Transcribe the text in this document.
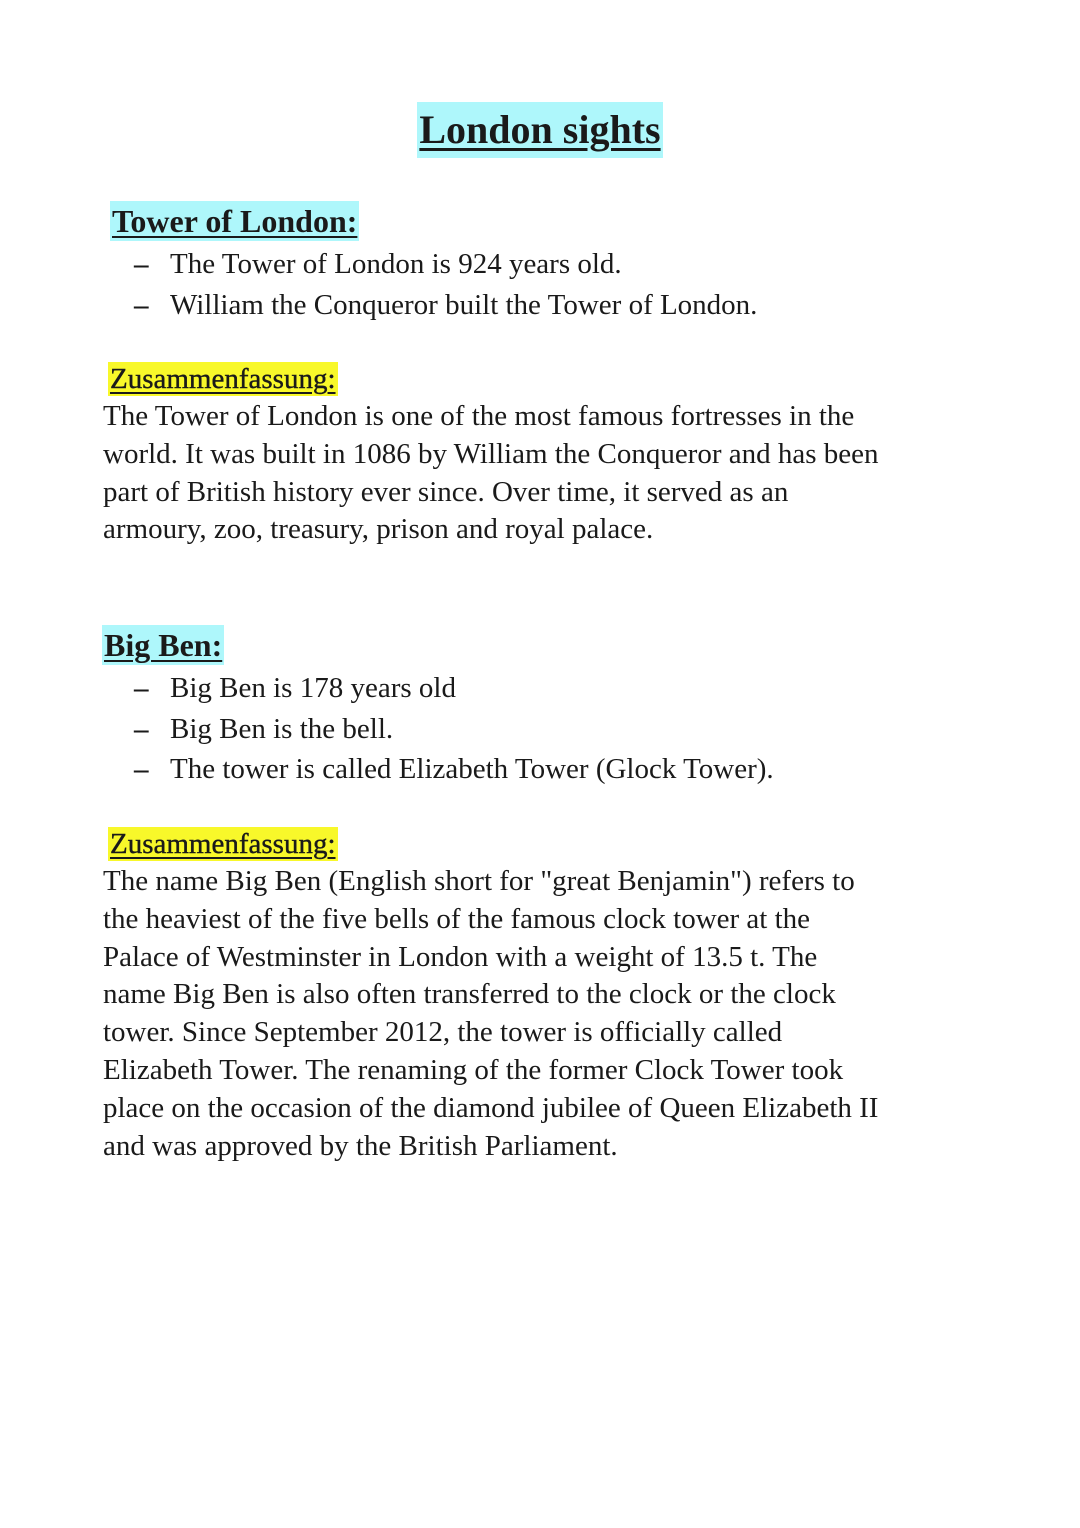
London sights
Tower of London:
– The Tower of London is 924 years old.
– William the Conqueror built the Tower of London.
Zusammenfassung:
The Tower of London is one of the most famous fortresses in the
world. It was built in 1086 by William the Conqueror and has been
part of British history ever since. Over time, it served as an
armoury, zoo, treasury, prison and royal palace.
Big Ben:
– Big Ben is 178 years old
– Big Ben is the bell.
– The tower is called Elizabeth Tower (Glock Tower).
Zusammenfassung:
The name Big Ben (English short for "great Benjamin") refers to
the heaviest of the five bells of the famous clock tower at the
Palace of Westminster in London with a weight of 13.5 t. The
name Big Ben is also often transferred to the clock or the clock
tower. Since September 2012, the tower is officially called
Elizabeth Tower. The renaming of the former Clock Tower took
place on the occasion of the diamond jubilee of Queen Elizabeth II
and was approved by the British Parliament.
